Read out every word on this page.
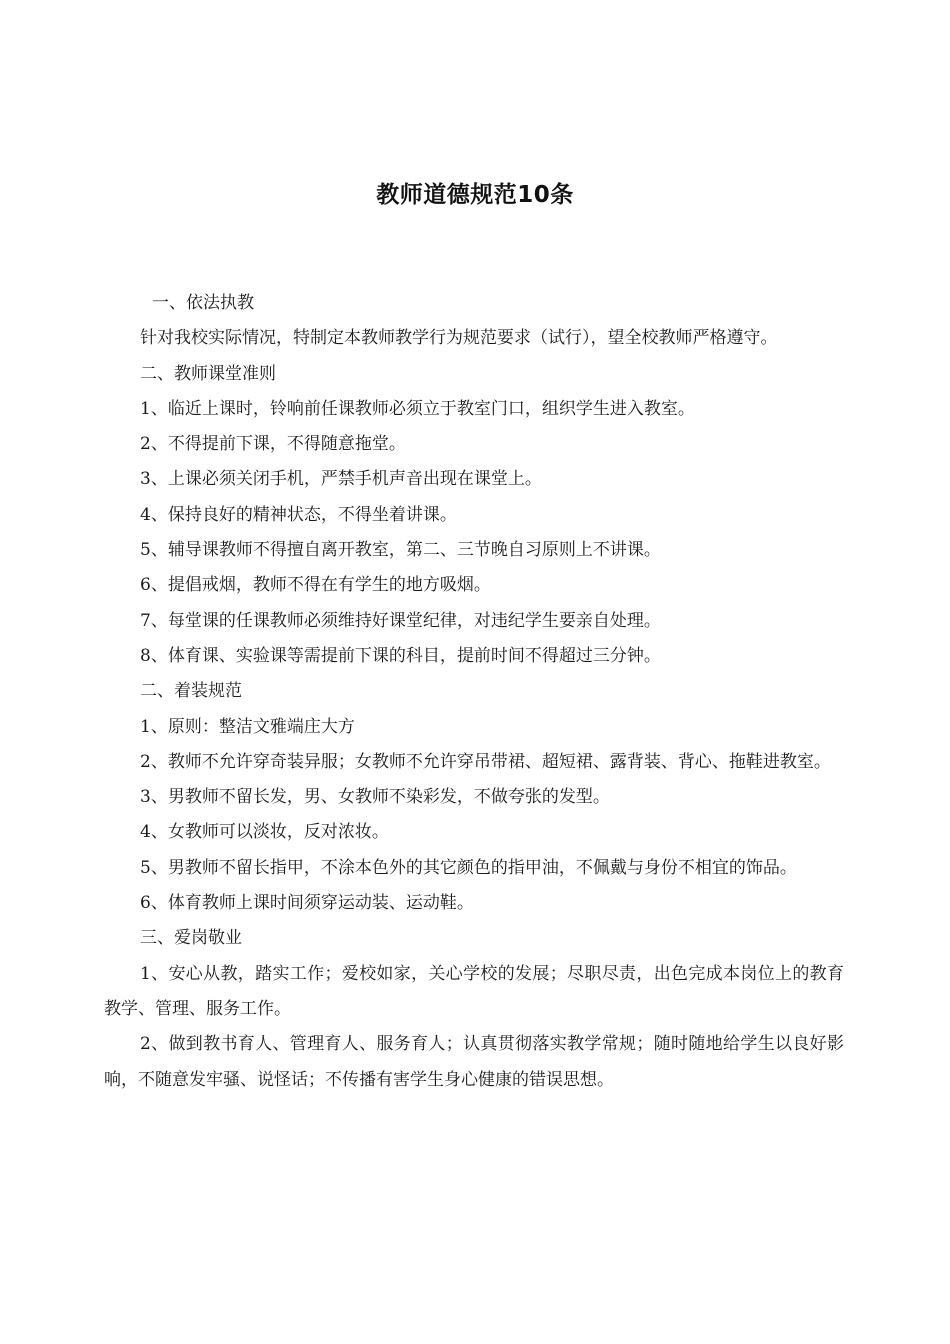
教师道德规范10条

一、依法执教

针对我校实际情况，特制定本教师教学行为规范要求（试行），望全校教师严格遵守。

二、教师课堂准则

1、临近上课时，铃响前任课教师必须立于教室门口，组织学生进入教室。

2、不得提前下课，不得随意拖堂。

3、上课必须关闭手机，严禁手机声音出现在课堂上。

4、保持良好的精神状态，不得坐着讲课。

5、辅导课教师不得擅自离开教室，第二、三节晚自习原则上不讲课。

6、提倡戒烟，教师不得在有学生的地方吸烟。

7、每堂课的任课教师必须维持好课堂纪律，对违纪学生要亲自处理。

8、体育课、实验课等需提前下课的科目，提前时间不得超过三分钟。

二、着装规范

1、原则：整洁文雅端庄大方

2、教师不允许穿奇装异服；女教师不允许穿吊带裙、超短裙、露背装、背心、拖鞋进教室。

3、男教师不留长发，男、女教师不染彩发，不做夸张的发型。

4、女教师可以淡妆，反对浓妆。

5、男教师不留长指甲，不涂本色外的其它颜色的指甲油，不佩戴与身份不相宜的饰品。

6、体育教师上课时间须穿运动装、运动鞋。

三、爱岗敬业

1、安心从教，踏实工作；爱校如家，关心学校的发展；尽职尽责，出色完成本岗位上的教育教学、管理、服务工作。

2、做到教书育人、管理育人、服务育人；认真贯彻落实教学常规；随时随地给学生以良好影响，不随意发牢骚、说怪话；不传播有害学生身心健康的错误思想。
